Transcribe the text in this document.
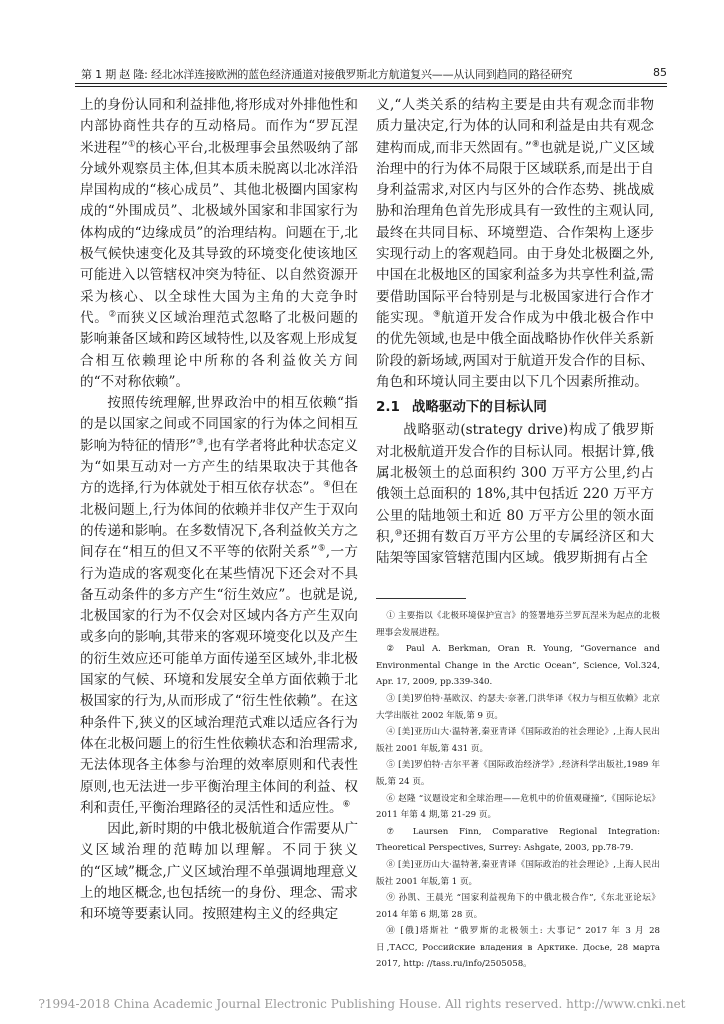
第 1 期 赵 隆: 经北冰洋连接欧洲的蓝色经济通道对接俄罗斯北方航道复兴——从认同到趋同的路径研究	85

上的身份认同和利益排他,将形成对外排他性和内部协商性共存的互动格局。而作为“罗瓦涅米进程”①的核心平台,北极理事会虽然吸纳了部分域外观察员主体,但其本质未脱离以北冰洋沿岸国构成的“核心成员”、其他北极圈内国家构成的“外围成员”、北极域外国家和非国家行为体构成的“边缘成员”的治理结构。问题在于,北极气候快速变化及其导致的环境变化使该地区可能进入以管辖权冲突为特征、以自然资源开采为核心、以全球性大国为主角的大竞争时代。②而狭义区域治理范式忽略了北极问题的影响兼备区域和跨区域特性,以及客观上形成复合相互依赖理论中所称的各利益攸关方间的“不对称依赖”。

按照传统理解,世界政治中的相互依赖“指的是以国家之间或不同国家的行为体之间相互影响为特征的情形”③,也有学者将此种状态定义为“如果互动对一方产生的结果取决于其他各方的选择,行为体就处于相互依存状态”。④但在北极问题上,行为体间的依赖并非仅产生于双向的传递和影响。在多数情况下,各利益攸关方之间存在“相互的但又不平等的依附关系”⑤,一方行为造成的客观变化在某些情况下还会对不具备互动条件的多方产生“衍生效应”。也就是说,北极国家的行为不仅会对区域内各方产生双向或多向的影响,其带来的客观环境变化以及产生的衍生效应还可能单方面传递至区域外,非北极国家的气候、环境和发展安全单方面依赖于北极国家的行为,从而形成了“衍生性依赖”。在这种条件下,狭义的区域治理范式难以适应各行为体在北极问题上的衍生性依赖状态和治理需求,无法体现各主体参与治理的效率原则和代表性原则,也无法进一步平衡治理主体间的利益、权利和责任,平衡治理路径的灵活性和适应性。⑥

因此,新时期的中俄北极航道合作需要从广义区域治理的范畴加以理解。不同于狭义的“区域”概念,广义区域治理不单强调地理意义上的地区概念,也包括统一的身份、理念、需求和环境等要素认同。按照建构主义的经典定

义,“人类关系的结构主要是由共有观念而非物质力量决定,行为体的认同和利益是由共有观念建构而成,而非天然固有。”⑧也就是说,广义区域治理中的行为体不局限于区域联系,而是出于自身利益需求,对区内与区外的合作态势、挑战威胁和治理角色首先形成具有一致性的主观认同,最终在共同目标、环境塑造、合作架构上逐步实现行动上的客观趋同。由于身处北极圈之外,中国在北极地区的国家利益多为共享性利益,需要借助国际平台特别是与北极国家进行合作才能实现。⑨航道开发合作成为中俄北极合作中的优先领域,也是中俄全面战略协作伙伴关系新阶段的新场域,两国对于航道开发合作的目标、角色和环境认同主要由以下几个因素所推动。

2.1 战略驱动下的目标认同

战略驱动(strategy drive)构成了俄罗斯对北极航道开发合作的目标认同。根据计算,俄属北极领土的总面积约 300 万平方公里,约占俄领土总面积的 18%,其中包括近 220 万平方公里的陆地领土和近 80 万平方公里的领水面积,⑩还拥有数百万平方公里的专属经济区和大陆架等国家管辖范围内区域。俄罗斯拥有占全

① 主要指以《北极环境保护宣言》的签署地芬兰罗瓦涅米为起点的北极理事会发展进程。

② Paul A. Berkman, Oran R. Young, “Governance and Environmental Change in the Arctic Ocean”, Science, Vol.324, Apr. 17, 2009, pp.339-340.

③ [美]罗伯特·基欧汉、约瑟夫·奈著,门洪华译《权力与相互依赖》北京大学出版社 2002 年版,第 9 页。

④ [美]亚历山大·温特著,秦亚青译《国际政治的社会理论》,上海人民出版社 2001 年版,第 431 页。

⑤ [美]罗伯特·吉尔平著《国际政治经济学》,经济科学出版社,1989 年版,第 24 页。

⑥ 赵隆 “议题设定和全球治理——危机中的价值观碰撞”,《国际论坛》2011 年第 4 期,第 21-29 页。

⑦ Laursen Finn, Comparative Regional Integration: Theoretical Perspectives, Surrey: Ashgate, 2003, pp.78-79.

⑧ [美]亚历山大·温特著,秦亚青译《国际政治的社会理论》,上海人民出版社 2001 年版,第 1 页。

⑨ 孙凯、王晨光 “国家利益视角下的中俄北极合作”,《东北亚论坛》2014 年第 6 期,第 28 页。

⑩ [俄]塔斯社 “俄罗斯的北极领土: 大事记” 2017 年 3 月 28 日,ТАСС, Российские владения в Арктике. Досье, 28 марта 2017, http: //tass.ru/info/2505058。

?1994-2018 China Academic Journal Electronic Publishing House. All rights reserved. http://www.cnki.net
